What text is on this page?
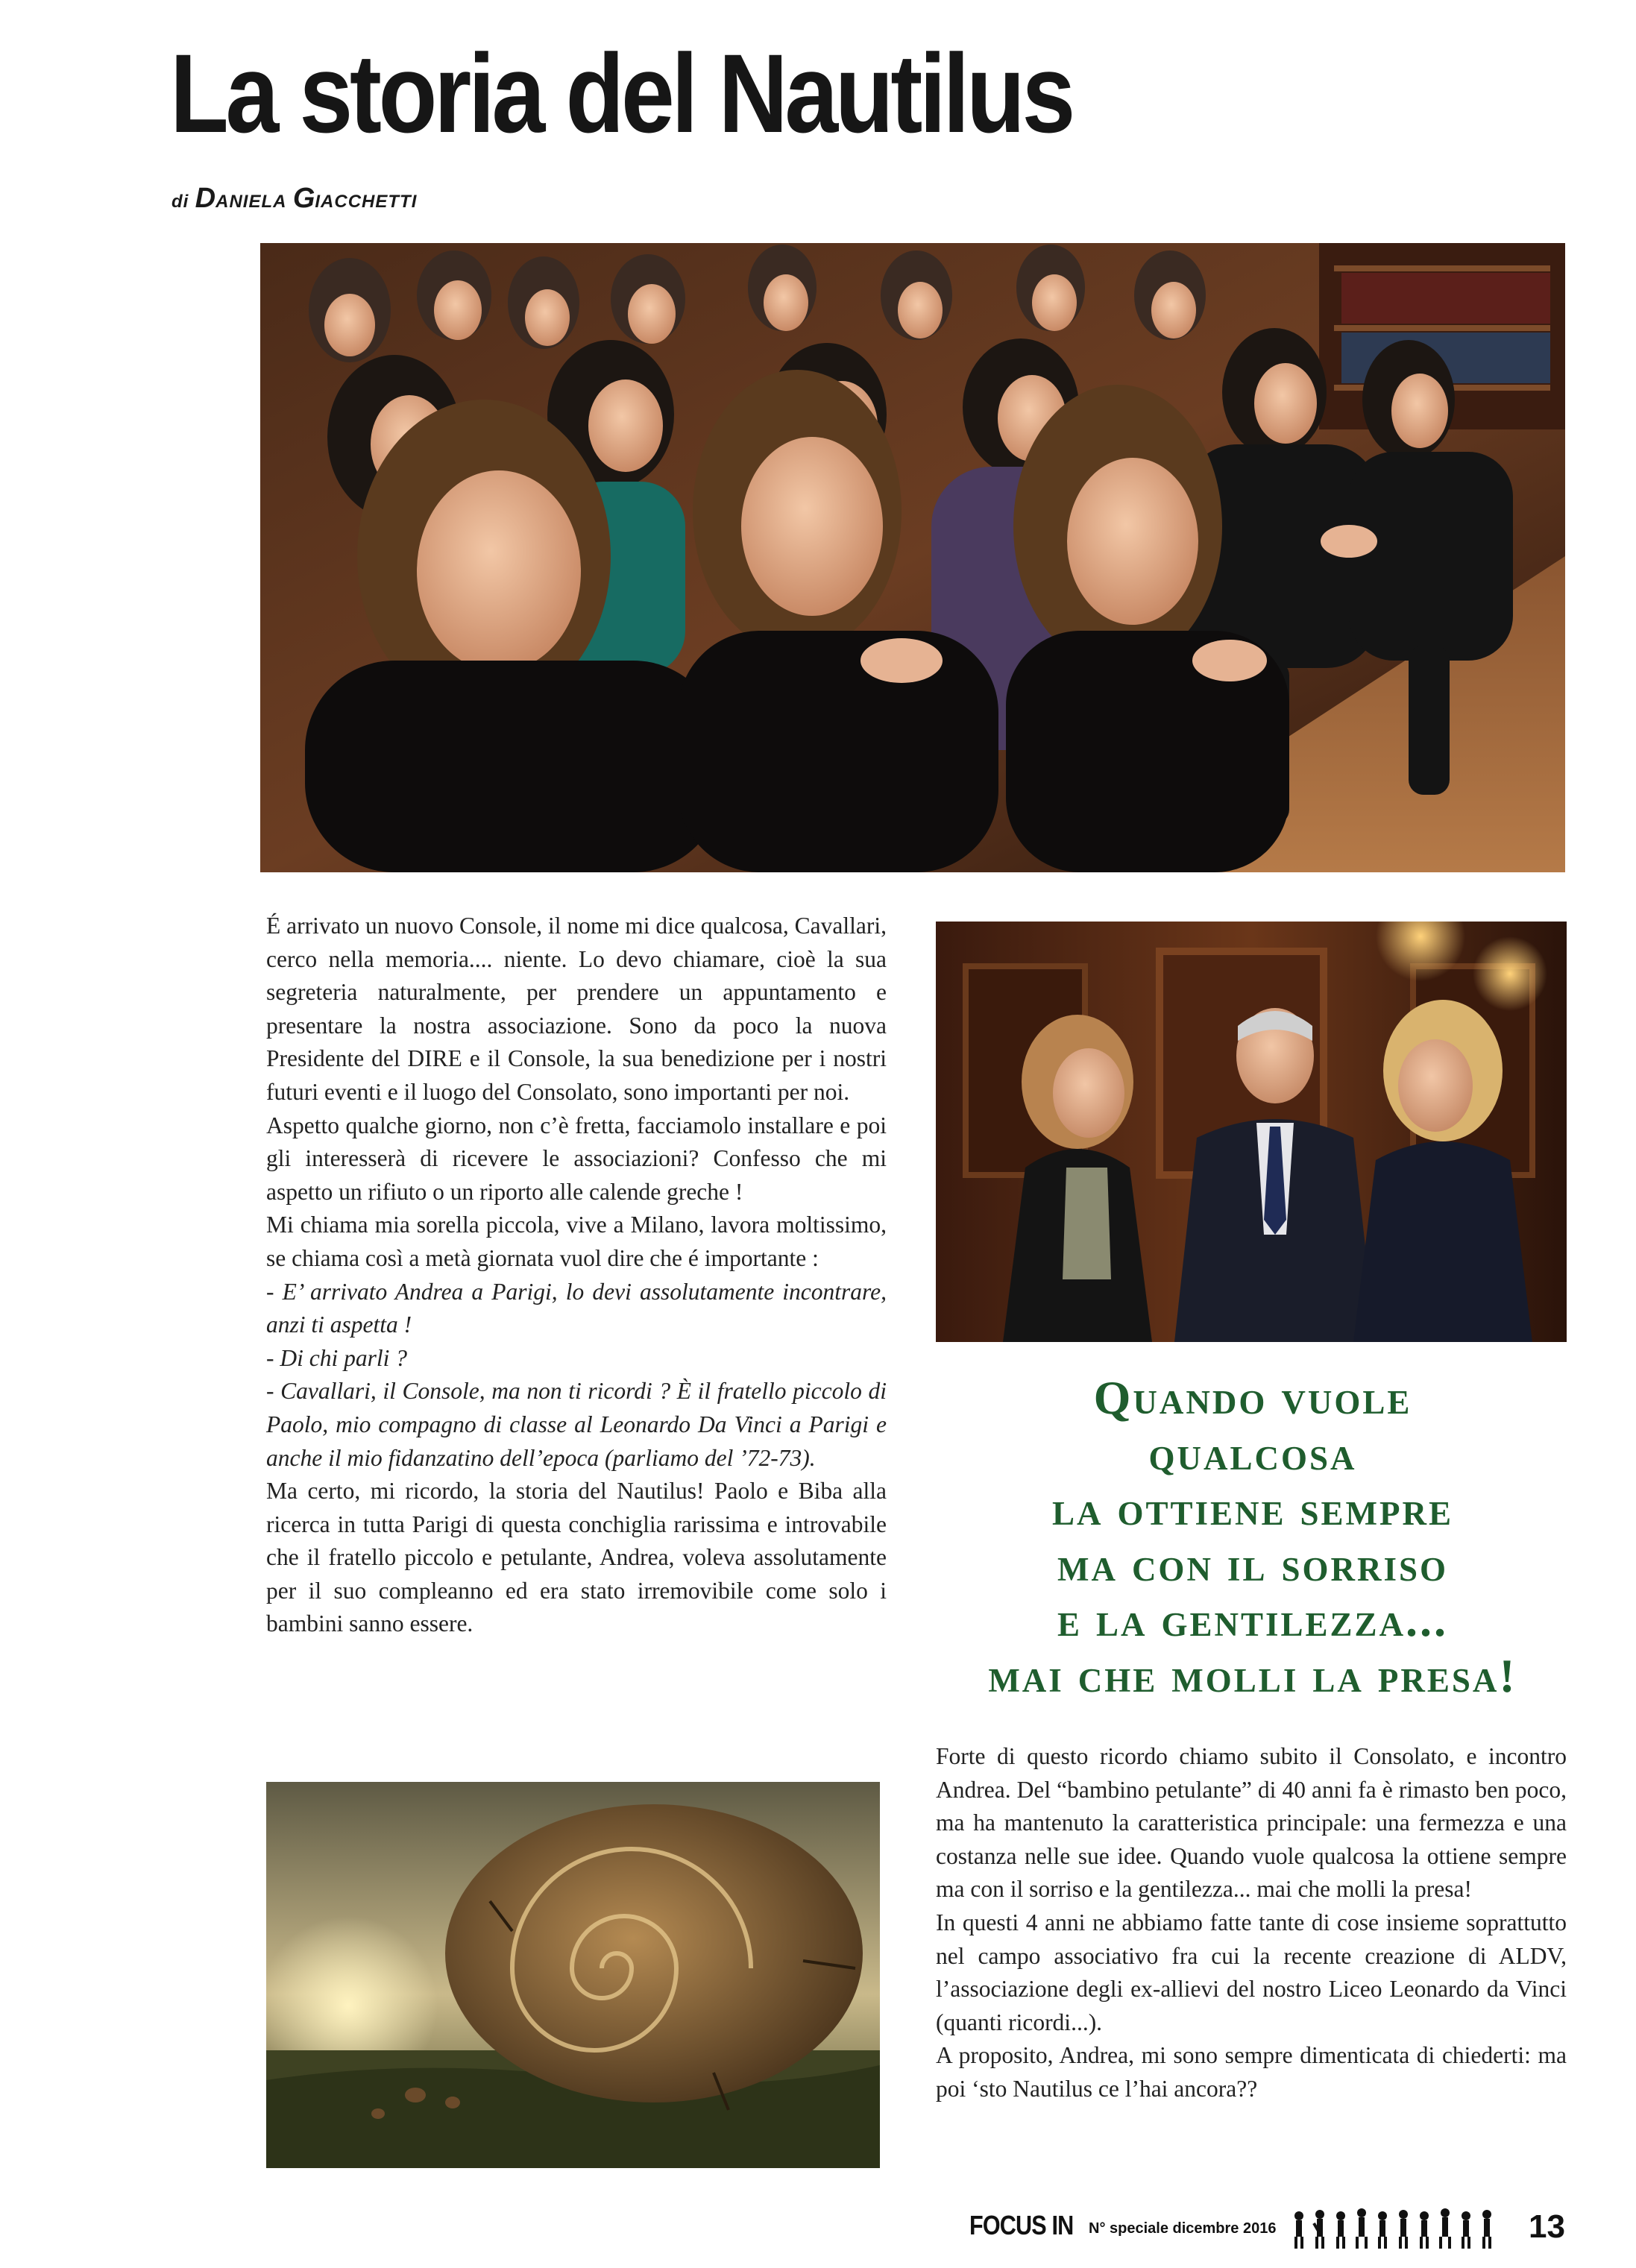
La storia del Nautilus
di DANIELA GIACCHETTI

É arrivato un nuovo Console, il nome mi dice qualcosa, Cavallari, cerco nella memoria.... niente. Lo devo chiamare, cioè la sua segreteria naturalmente, per prendere un appuntamento e presentare la nostra associazione. Sono da poco la nuova Presidente del DIRE e il Console, la sua benedizione per i nostri futuri eventi e il luogo del Consolato, sono importanti per noi.

Aspetto qualche giorno, non c’è fretta, facciamolo installare e poi gli interesserà di ricevere le associazioni? Confesso che mi aspetto un rifiuto o un riporto alle calende greche !

Mi chiama mia sorella piccola, vive a Milano, lavora moltissimo, se chiama così a metà giornata vuol dire che é importante :

- E’ arrivato Andrea a Parigi, lo devi assolutamente incontrare, anzi ti aspetta !

- Di chi parli ?

- Cavallari, il Console, ma non ti ricordi ? È il fratello piccolo di Paolo, mio compagno di classe al Leonardo Da Vinci a Parigi e anche il mio fidanzatino dell’epoca (parliamo del ’72-73).

Ma certo, mi ricordo, la storia del Nautilus! Paolo e Biba alla ricerca in tutta Parigi di questa conchiglia rarissima e introvabile che il fratello piccolo e petulante, Andrea, voleva assolutamente per il suo compleanno ed era stato irremovibile come solo i bambini sanno essere.

Quando vuole
qualcosa
la ottiene sempre
ma con il sorriso
e la gentilezza...
mai che molli la presa!

Forte di questo ricordo chiamo subito il Consolato, e incontro Andrea. Del “bambino petulante” di 40 anni fa è rimasto ben poco, ma ha mantenuto la caratteristica principale: una fermezza e una costanza nelle sue idee. Quando vuole qualcosa la ottiene sempre ma con il sorriso e la gentilezza... mai che molli la presa!

In questi 4 anni ne abbiamo fatte tante di cose insieme soprattutto nel campo associativo fra cui la recente creazione di ALDV, l’associazione degli ex-allievi del nostro Liceo Leonardo da Vinci (quanti ricordi...).

A proposito, Andrea, mi sono sempre dimenticata di chiederti: ma poi ‘sto Nautilus ce l’hai ancora??

FOCUS IN N° speciale dicembre 2016	13
